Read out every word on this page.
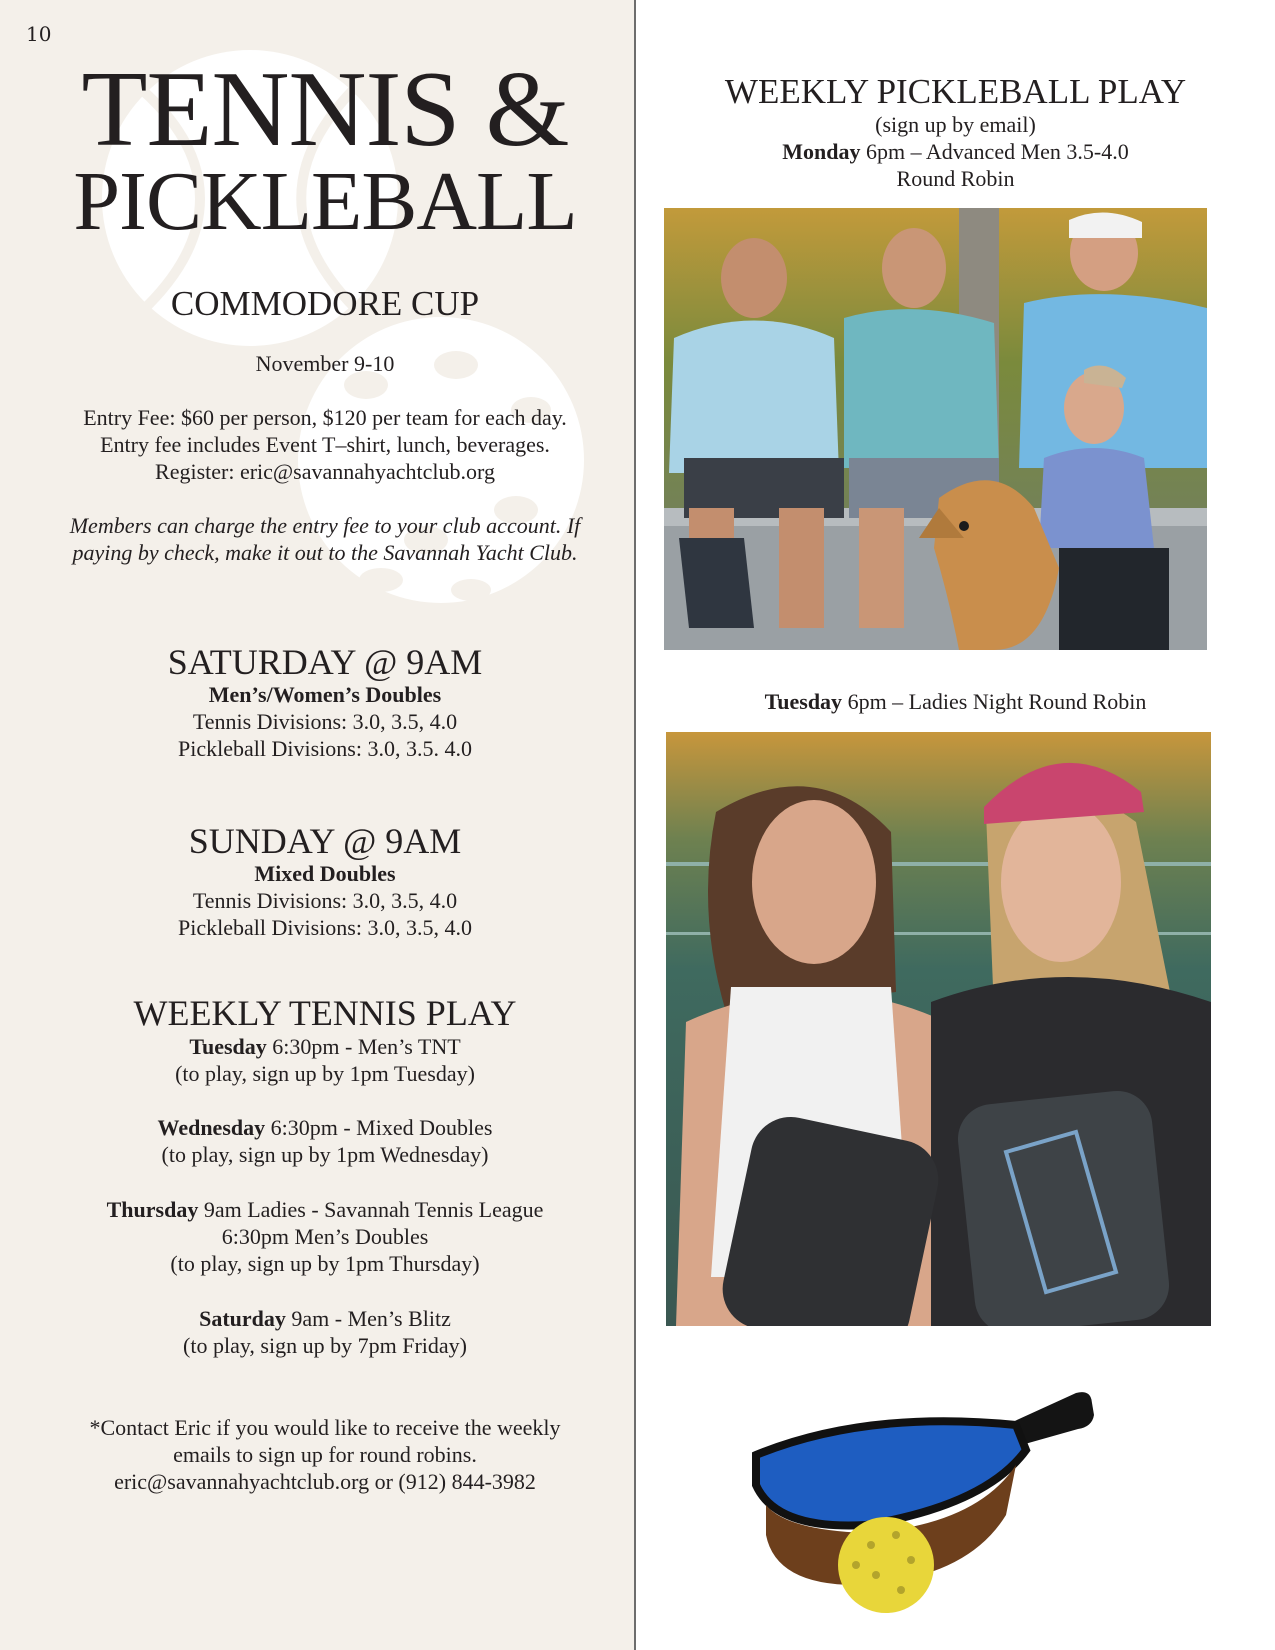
10
TENNIS &
PICKLEBALL
COMMODORE CUP
November 9-10
Entry Fee: $60 per person, $120 per team for each day.
Entry fee includes Event T–shirt, lunch, beverages.
Register: eric@savannahyachtclub.org
Members can charge the entry fee to your club account. If
paying by check, make it out to the Savannah Yacht Club.
SATURDAY @ 9AM
Men’s/Women’s Doubles
Tennis Divisions: 3.0, 3.5, 4.0
Pickleball Divisions: 3.0, 3.5. 4.0
SUNDAY @ 9AM
Mixed Doubles
Tennis Divisions: 3.0, 3.5, 4.0
Pickleball Divisions: 3.0, 3.5, 4.0
WEEKLY TENNIS PLAY
Tuesday 6:30pm - Men’s TNT
(to play, sign up by 1pm Tuesday)
Wednesday 6:30pm - Mixed Doubles
(to play, sign up by 1pm Wednesday)
Thursday 9am Ladies - Savannah Tennis League
6:30pm Men’s Doubles
(to play, sign up by 1pm Thursday)
Saturday 9am - Men’s Blitz
(to play, sign up by 7pm Friday)
*Contact Eric if you would like to receive the weekly
emails to sign up for round robins.
eric@savannahyachtclub.org or (912) 844-3982
WEEKLY PICKLEBALL PLAY
(sign up by email)
Monday 6pm – Advanced Men 3.5-4.0
Round Robin
Tuesday 6pm – Ladies Night Round Robin
